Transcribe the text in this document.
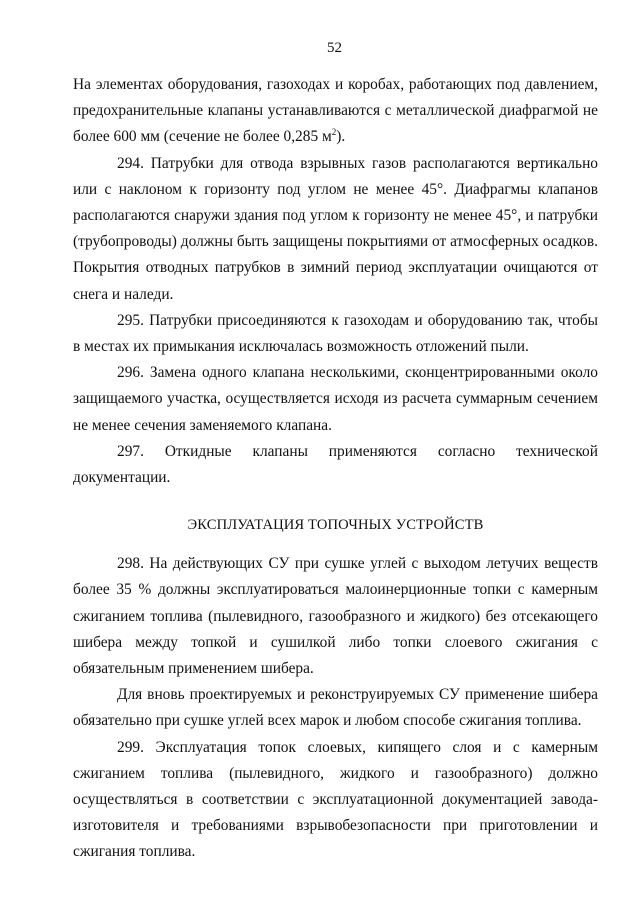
52

На элементах оборудования, газоходах и коробах, работающих под давлением, предохранительные клапаны устанавливаются с металлической диафрагмой не более 600 мм (сечение не более 0,285 $м^2$).

294. Патрубки для отвода взрывных газов располагаются вертикально или с наклоном к горизонту под углом не менее 45°. Диафрагмы клапанов располагаются снаружи здания под углом к горизонту не менее 45°, и патрубки (трубопроводы) должны быть защищены покрытиями от атмосферных осадков. Покрытия отводных патрубков в зимний период эксплуатации очищаются от снега и наледи.

295. Патрубки присоединяются к газоходам и оборудованию так, чтобы в местах их примыкания исключалась возможность отложений пыли.

296. Замена одного клапана несколькими, сконцентрированными около защищаемого участка, осуществляется исходя из расчета суммарным сечением не менее сечения заменяемого клапана.

297. Откидные клапаны применяются согласно технической
документации.

ЭКСПЛУАТАЦИЯ ТОПОЧНЫХ УСТРОЙСТВ

298. На действующих СУ при сушке углей с выходом летучих веществ более 35 % должны эксплуатироваться малоинерционные топки с камерным сжиганием топлива (пылевидного, газообразного и жидкого) без отсекающего шибера между топкой и сушилкой либо топки слоевого сжигания с обязательным применением шибера.

Для вновь проектируемых и реконструируемых СУ применение шибера обязательно при сушке углей всех марок и любом способе сжигания топлива.

299. Эксплуатация топок слоевых, кипящего слоя и с камерным сжиганием топлива (пылевидного, жидкого и газообразного) должно осуществляться в соответствии с эксплуатационной документацией завода-изготовителя и требованиями взрывобезопасности при приготовлении и сжигания топлива.
